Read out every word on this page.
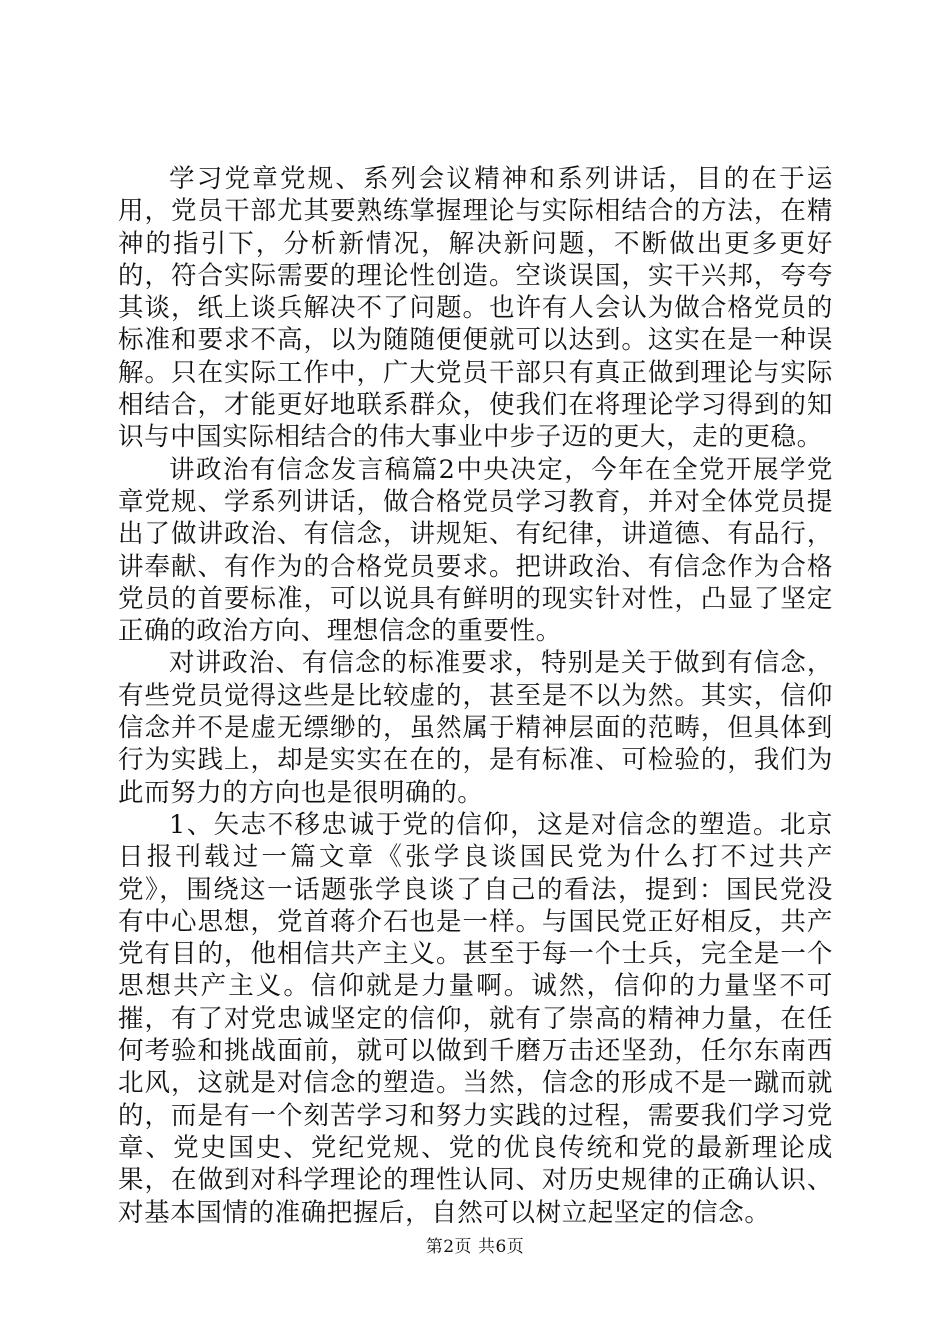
学习党章党规、系列会议精神和系列讲话，目的在于运用，党员干部尤其要熟练掌握理论与实际相结合的方法，在精神的指引下，分析新情况，解决新问题，不断做出更多更好的，符合实际需要的理论性创造。空谈误国，实干兴邦，夸夸其谈，纸上谈兵解决不了问题。也许有人会认为做合格党员的标准和要求不高，以为随随便便就可以达到。这实在是一种误解。只在实际工作中，广大党员干部只有真正做到理论与实际相结合，才能更好地联系群众，使我们在将理论学习得到的知识与中国实际相结合的伟大事业中步子迈的更大，走的更稳。

讲政治有信念发言稿篇2中央决定，今年在全党开展学党章党规、学系列讲话，做合格党员学习教育，并对全体党员提出了做讲政治、有信念，讲规矩、有纪律，讲道德、有品行，讲奉献、有作为的合格党员要求。把讲政治、有信念作为合格党员的首要标准，可以说具有鲜明的现实针对性，凸显了坚定正确的政治方向、理想信念的重要性。

对讲政治、有信念的标准要求，特别是关于做到有信念，有些党员觉得这些是比较虚的，甚至是不以为然。其实，信仰信念并不是虚无缥缈的，虽然属于精神层面的范畴，但具体到行为实践上，却是实实在在的，是有标准、可检验的，我们为此而努力的方向也是很明确的。

1、矢志不移忠诚于党的信仰，这是对信念的塑造。北京日报刊载过一篇文章《张学良谈国民党为什么打不过共产党》，围绕这一话题张学良谈了自己的看法，提到：国民党没有中心思想，党首蒋介石也是一样。与国民党正好相反，共产党有目的，他相信共产主义。甚至于每一个士兵，完全是一个思想共产主义。信仰就是力量啊。诚然，信仰的力量坚不可摧，有了对党忠诚坚定的信仰，就有了崇高的精神力量，在任何考验和挑战面前，就可以做到千磨万击还坚劲，任尔东南西北风，这就是对信念的塑造。当然，信念的形成不是一蹴而就的，而是有一个刻苦学习和努力实践的过程，需要我们学习党章、党史国史、党纪党规、党的优良传统和党的最新理论成果，在做到对科学理论的理性认同、对历史规律的正确认识、对基本国情的准确把握后，自然可以树立起坚定的信念。

第2页 共6页
